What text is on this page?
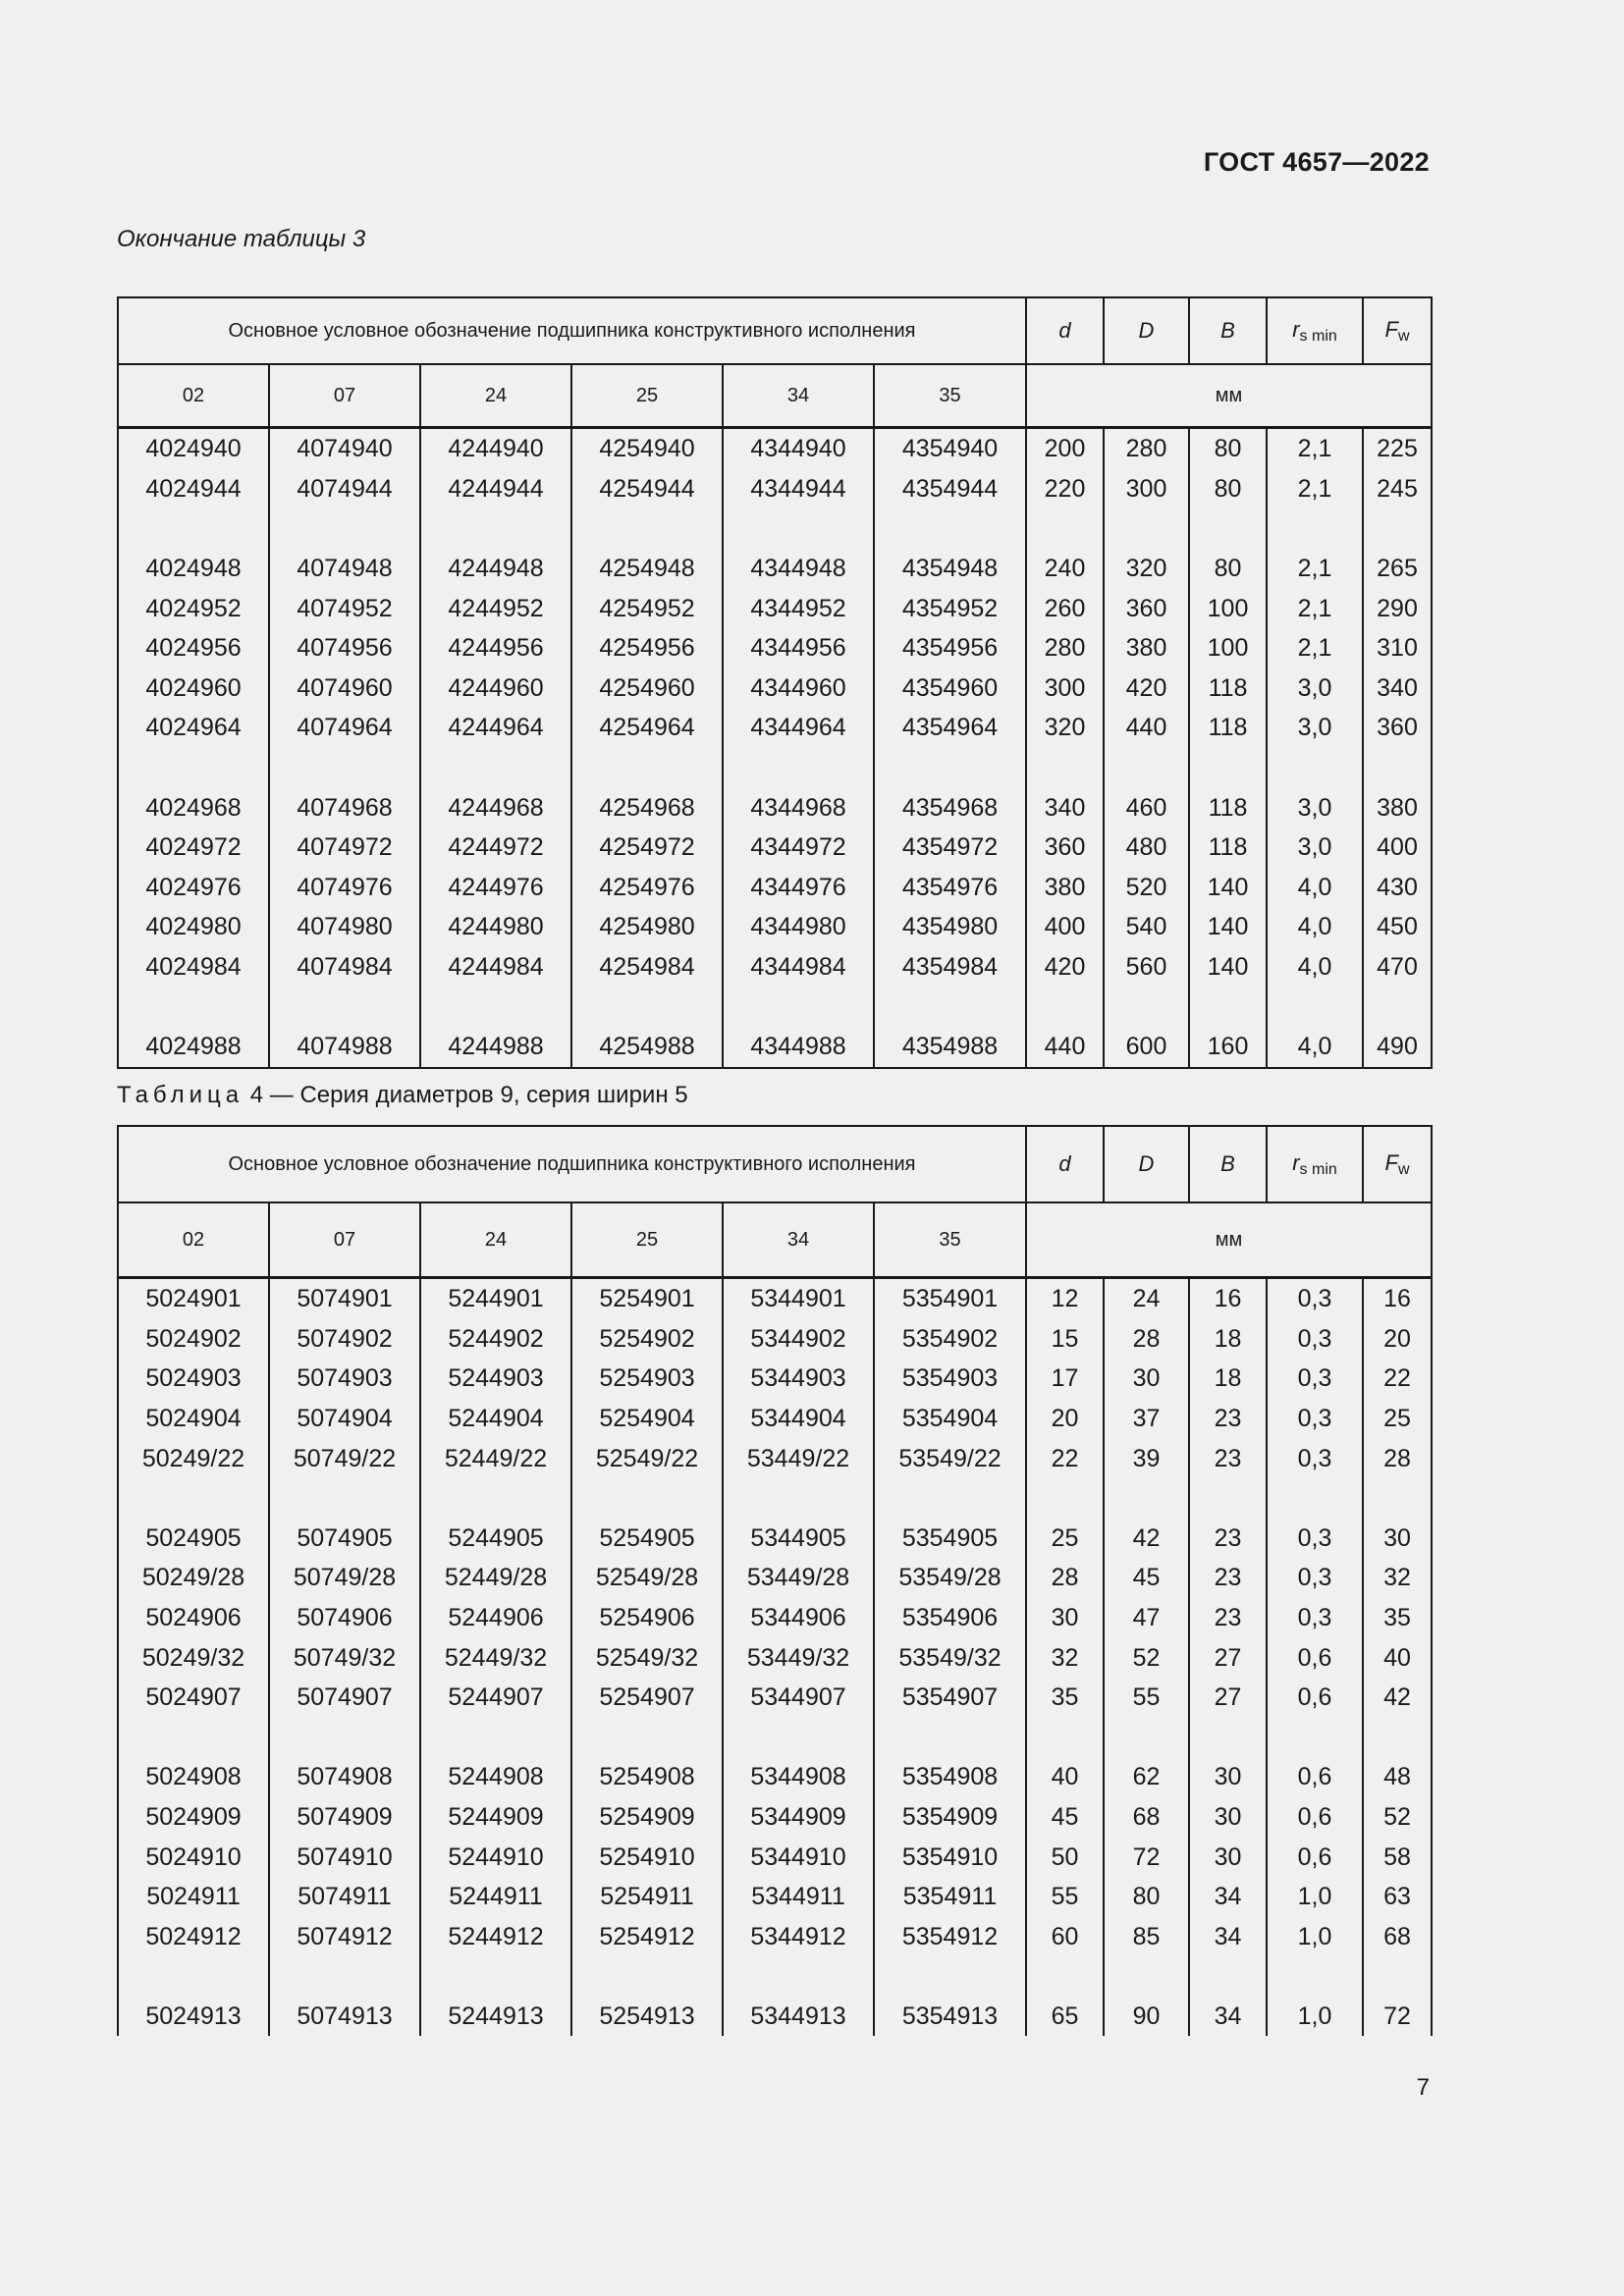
ГОСТ 4657—2022
Окончание таблицы 3
Основное условное обозначение подшипника конструктивного исполнения						d	D	B	$r_{s min}$	$F_w$
02	07	24	25	34	35	мм				
4024940	4074940	4244940	4254940	4344940	4354940	200	280	80	2,1	225
4024944	4074944	4244944	4254944	4344944	4354944	220	300	80	2,1	245

4024948	4074948	4244948	4254948	4344948	4354948	240	320	80	2,1	265
4024952	4074952	4244952	4254952	4344952	4354952	260	360	100	2,1	290
4024956	4074956	4244956	4254956	4344956	4354956	280	380	100	2,1	310
4024960	4074960	4244960	4254960	4344960	4354960	300	420	118	3,0	340
4024964	4074964	4244964	4254964	4344964	4354964	320	440	118	3,0	360

4024968	4074968	4244968	4254968	4344968	4354968	340	460	118	3,0	380
4024972	4074972	4244972	4254972	4344972	4354972	360	480	118	3,0	400
4024976	4074976	4244976	4254976	4344976	4354976	380	520	140	4,0	430
4024980	4074980	4244980	4254980	4344980	4354980	400	540	140	4,0	450
4024984	4074984	4244984	4254984	4344984	4354984	420	560	140	4,0	470

4024988	4074988	4244988	4254988	4344988	4354988	440	600	160	4,0	490
Таблица 4 — Серия диаметров 9, серия ширин 5
Основное условное обозначение подшипника конструктивного исполнения						d	D	B	$r_{s min}$	$F_w$
02	07	24	25	34	35	мм				
5024901	5074901	5244901	5254901	5344901	5354901	12	24	16	0,3	16
5024902	5074902	5244902	5254902	5344902	5354902	15	28	18	0,3	20
5024903	5074903	5244903	5254903	5344903	5354903	17	30	18	0,3	22
5024904	5074904	5244904	5254904	5344904	5354904	20	37	23	0,3	25
50249/22	50749/22	52449/22	52549/22	53449/22	53549/22	22	39	23	0,3	28

5024905	5074905	5244905	5254905	5344905	5354905	25	42	23	0,3	30
50249/28	50749/28	52449/28	52549/28	53449/28	53549/28	28	45	23	0,3	32
5024906	5074906	5244906	5254906	5344906	5354906	30	47	23	0,3	35
50249/32	50749/32	52449/32	52549/32	53449/32	53549/32	32	52	27	0,6	40
5024907	5074907	5244907	5254907	5344907	5354907	35	55	27	0,6	42

5024908	5074908	5244908	5254908	5344908	5354908	40	62	30	0,6	48
5024909	5074909	5244909	5254909	5344909	5354909	45	68	30	0,6	52
5024910	5074910	5244910	5254910	5344910	5354910	50	72	30	0,6	58
5024911	5074911	5244911	5254911	5344911	5354911	55	80	34	1,0	63
5024912	5074912	5244912	5254912	5344912	5354912	60	85	34	1,0	68

5024913	5074913	5244913	5254913	5344913	5354913	65	90	34	1,0	72
7
